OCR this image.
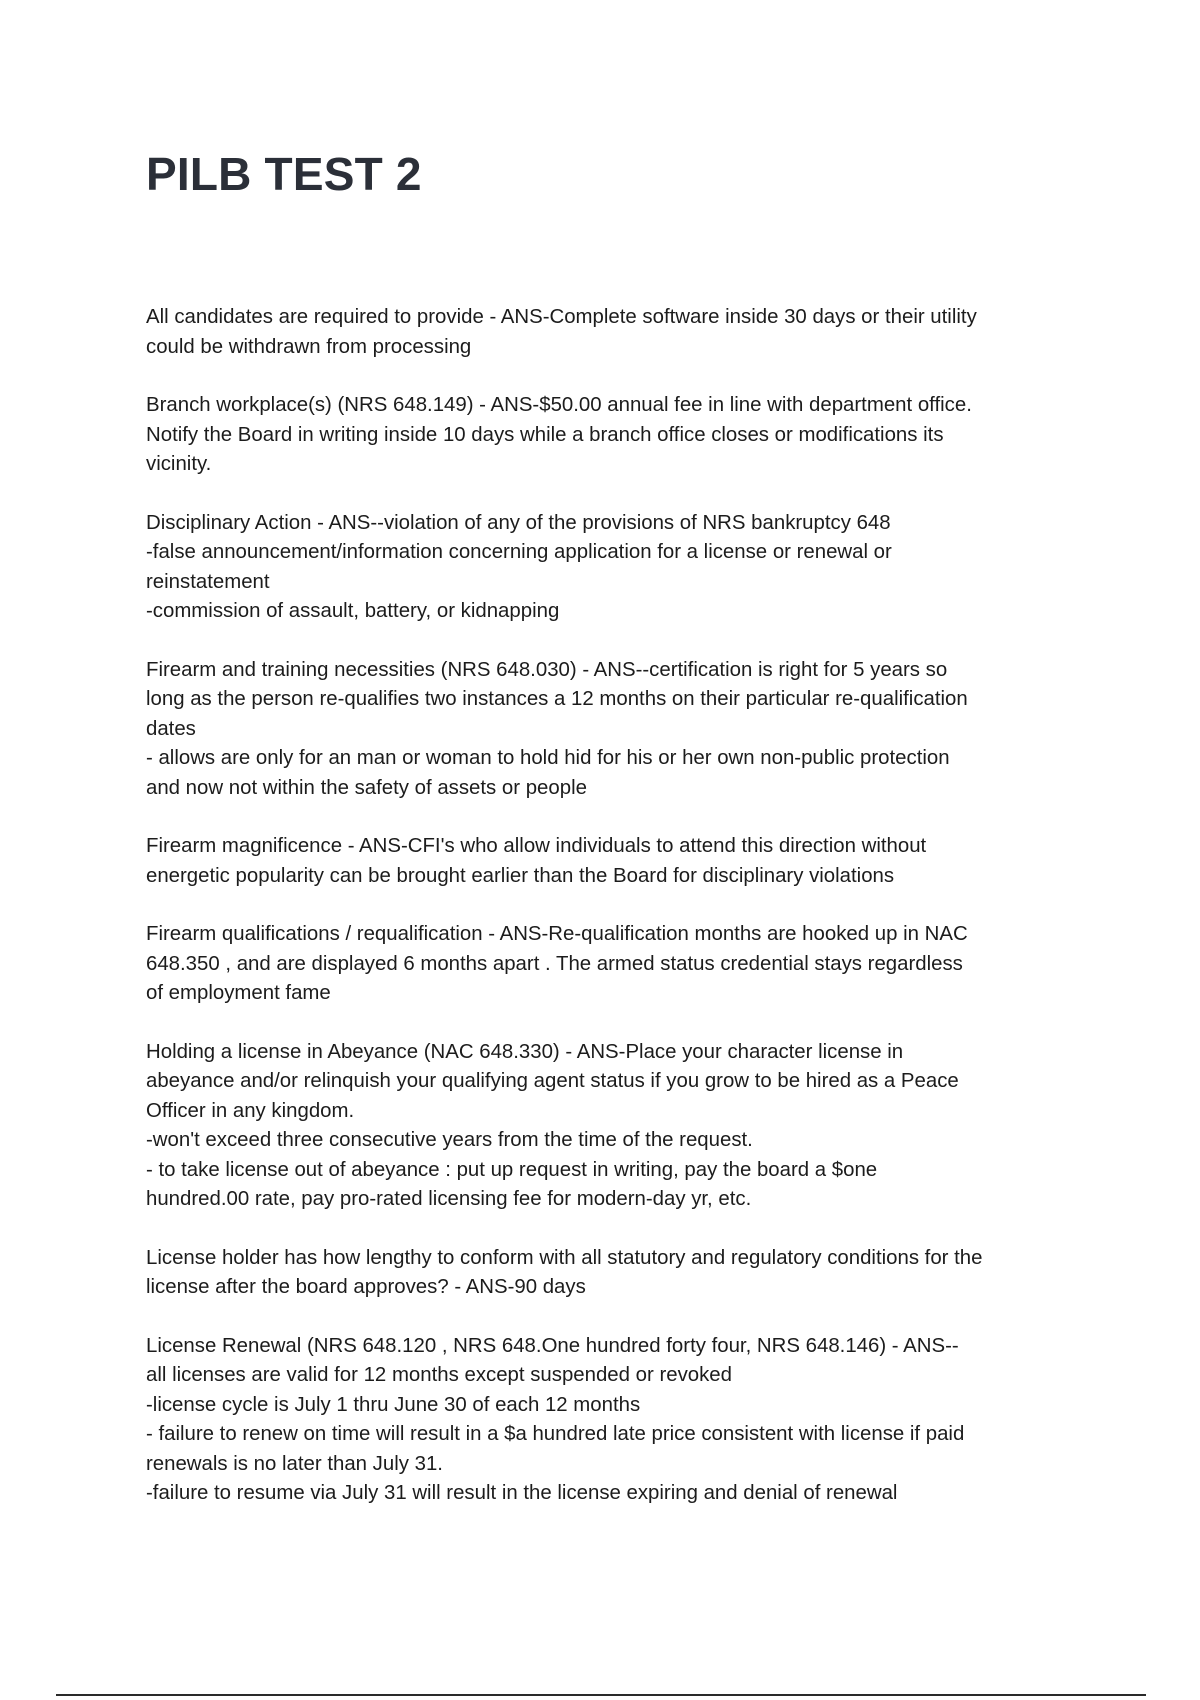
PILB TEST 2
All candidates are required to provide - ANS-Complete software inside 30 days or their utility
could be withdrawn from processing
Branch workplace(s) (NRS 648.149) - ANS-$50.00 annual fee in line with department office.
Notify the Board in writing inside 10 days while a branch office closes or modifications its
vicinity.
Disciplinary Action - ANS--violation of any of the provisions of NRS bankruptcy 648
-false announcement/information concerning application for a license or renewal or
reinstatement
-commission of assault, battery, or kidnapping
Firearm and training necessities (NRS 648.030) - ANS--certification is right for 5 years so
long as the person re-qualifies two instances a 12 months on their particular re-qualification
dates
- allows are only for an man or woman to hold hid for his or her own non-public protection
and now not within the safety of assets or people
Firearm magnificence - ANS-CFI's who allow individuals to attend this direction without
energetic popularity can be brought earlier than the Board for disciplinary violations
Firearm qualifications / requalification - ANS-Re-qualification months are hooked up in NAC
648.350 , and are displayed 6 months apart . The armed status credential stays regardless
of employment fame
Holding a license in Abeyance (NAC 648.330) - ANS-Place your character license in
abeyance and/or relinquish your qualifying agent status if you grow to be hired as a Peace
Officer in any kingdom.
-won't exceed three consecutive years from the time of the request.
- to take license out of abeyance : put up request in writing, pay the board a $one
hundred.00 rate, pay pro-rated licensing fee for modern-day yr, etc.
License holder has how lengthy to conform with all statutory and regulatory conditions for the
license after the board approves? - ANS-90 days
License Renewal (NRS 648.120 , NRS 648.One hundred forty four, NRS 648.146) - ANS--
all licenses are valid for 12 months except suspended or revoked
-license cycle is July 1 thru June 30 of each 12 months
- failure to renew on time will result in a $a hundred late price consistent with license if paid
renewals is no later than July 31.
-failure to resume via July 31 will result in the license expiring and denial of renewal
